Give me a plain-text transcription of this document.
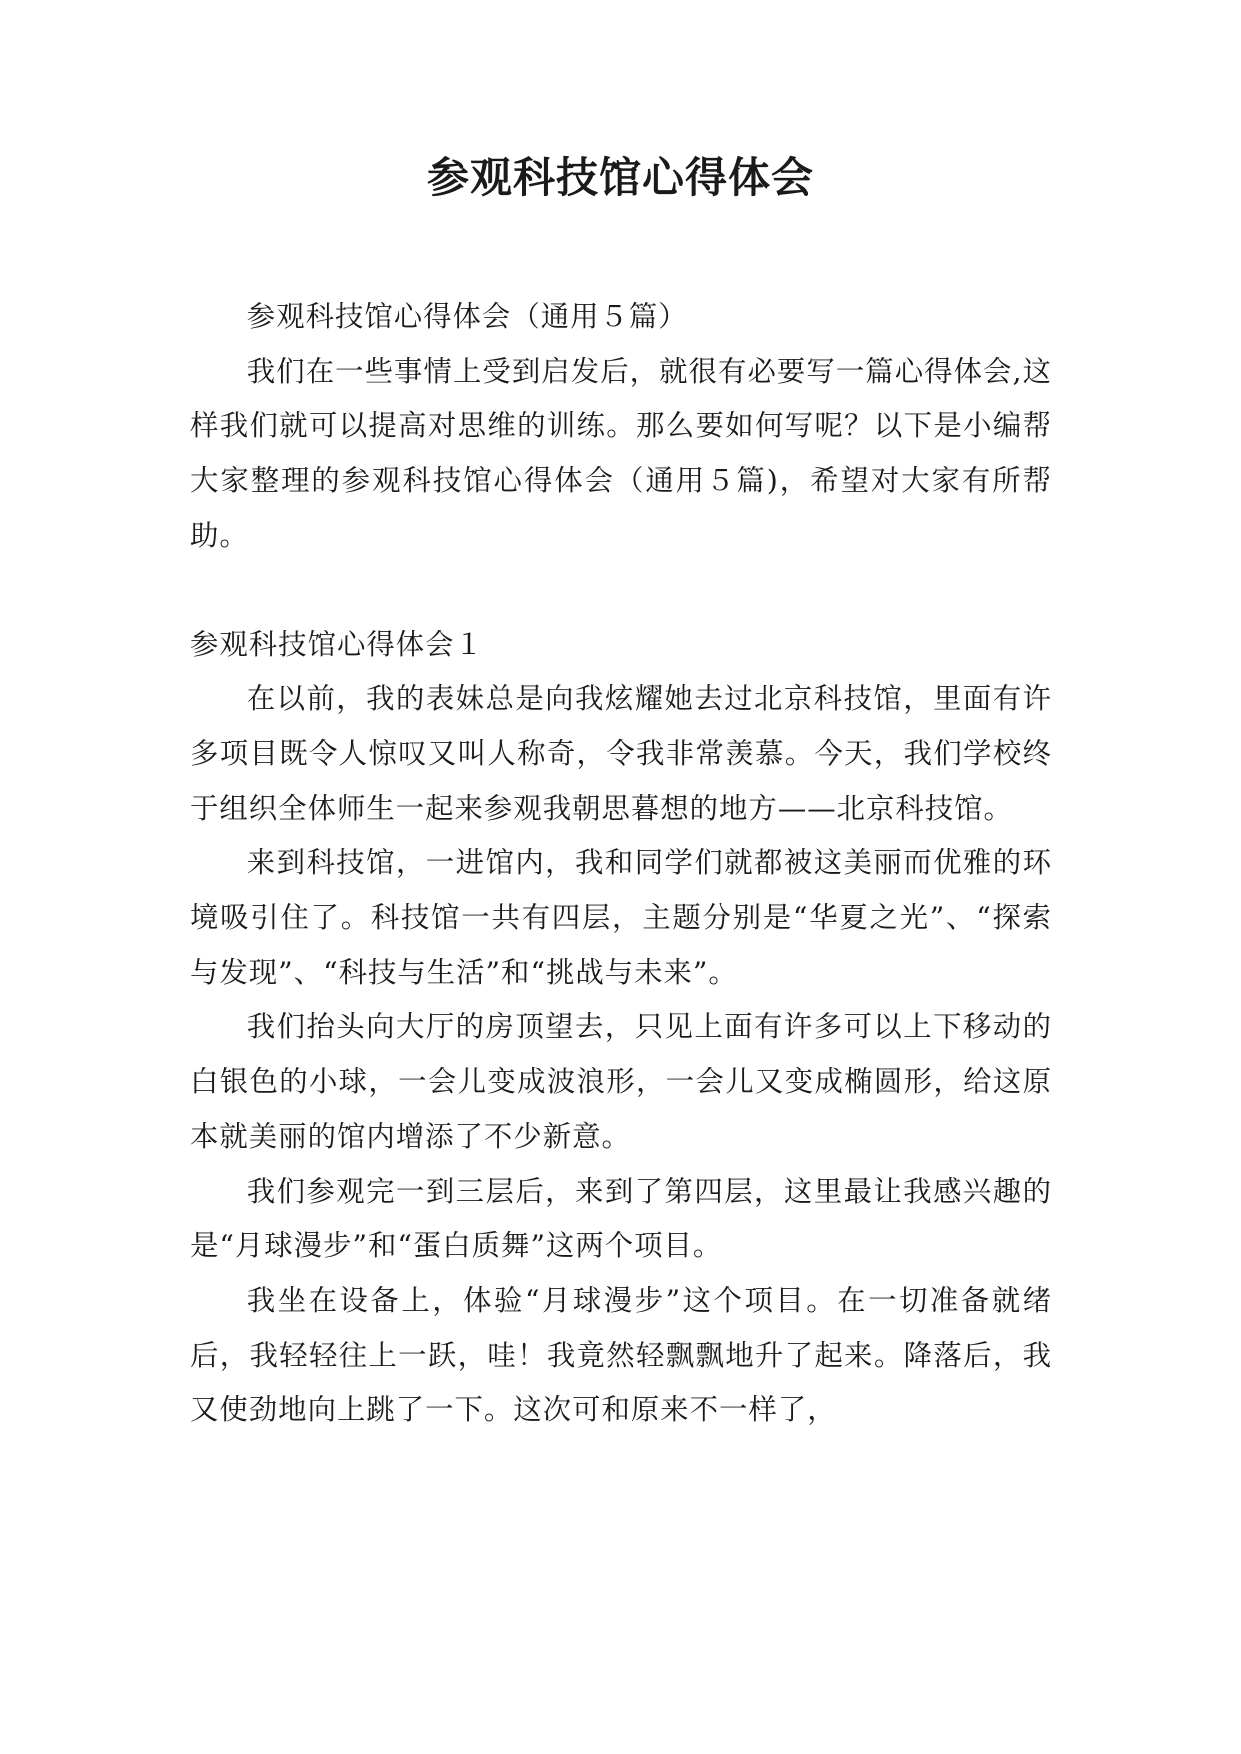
参观科技馆心得体会

参观科技馆心得体会（通用５篇）

我们在一些事情上受到启发后，就很有必要写一篇心得体会,这样我们就可以提高对思维的训练。那么要如何写呢？以下是小编帮大家整理的参观科技馆心得体会（通用５篇)，希望对大家有所帮助。

参观科技馆心得体会１

在以前，我的表妹总是向我炫耀她去过北京科技馆，里面有许多项目既令人惊叹又叫人称奇，令我非常羡慕。今天，我们学校终于组织全体师生一起来参观我朝思暮想的地方——北京科技馆。

来到科技馆，一进馆内，我和同学们就都被这美丽而优雅的环境吸引住了。科技馆一共有四层，主题分别是“华夏之光”、“探索与发现”、“科技与生活”和“挑战与未来”。

我们抬头向大厅的房顶望去，只见上面有许多可以上下移动的白银色的小球，一会儿变成波浪形，一会儿又变成椭圆形，给这原本就美丽的馆内增添了不少新意。

我们参观完一到三层后，来到了第四层，这里最让我感兴趣的是“月球漫步”和“蛋白质舞”这两个项目。

我坐在设备上，体验“月球漫步”这个项目。在一切准备就绪后，我轻轻往上一跃，哇！我竟然轻飘飘地升了起来。降落后，我又使劲地向上跳了一下。这次可和原来不一样了，
